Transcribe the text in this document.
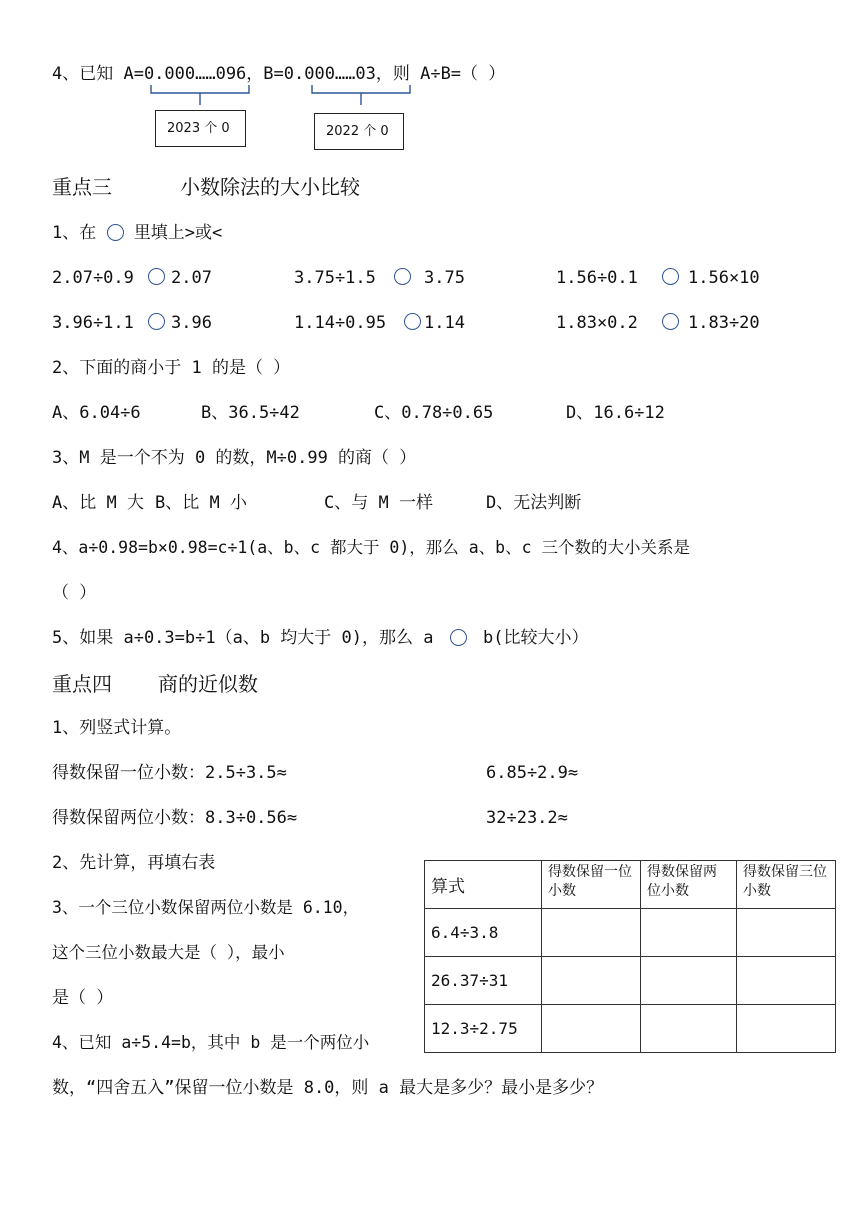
4、已知 A=0.000……096，B=0.000……03，则 A÷B=（ ）
2023 个 0	2022 个 0
重点三	小数除法的大小比较
1、在 里填上>或<
2.07÷0.9 2.07	3.75÷1.5	3.75	1.56÷0.1	1.56×10
3.96÷1.1 3.96	1.14÷0.95 1.14	1.83×0.2	1.83÷20
2、下面的商小于 1 的是（ ）
A、6.04÷6	B、36.5÷42	C、0.78÷0.65	D、16.6÷12
3、M 是一个不为 0 的数，M÷0.99 的商（ ）
A、比 M 大 B、比 M 小	C、与 M 一样	D、无法判断
4、a÷0.98=b×0.98=c÷1(a、b、c 都大于 0)，那么 a、b、c 三个数的大小关系是
（ ）
5、如果 a÷0.3=b÷1（a、b 均大于 0)，那么 a	b(比较大小）
重点四 商的近似数
1、列竖式计算。
得数保留一位小数：2.5÷3.5≈	6.85÷2.9≈
得数保留两位小数：8.3÷0.56≈	32÷23.2≈
2、先计算，再填右表
3、一个三位小数保留两位小数是 6.10，
这个三位小数最大是（ ），最小
是（ ）
4、已知 a÷5.4=b，其中 b 是一个两位小
数，“四舍五入”保留一位小数是 8.0，则 a 最大是多少？最小是多少？
算式	得数保留一位小数	得数保留两位小数	得数保留三位小数
6.4÷3.8			
26.37÷31			
12.3÷2.75			
